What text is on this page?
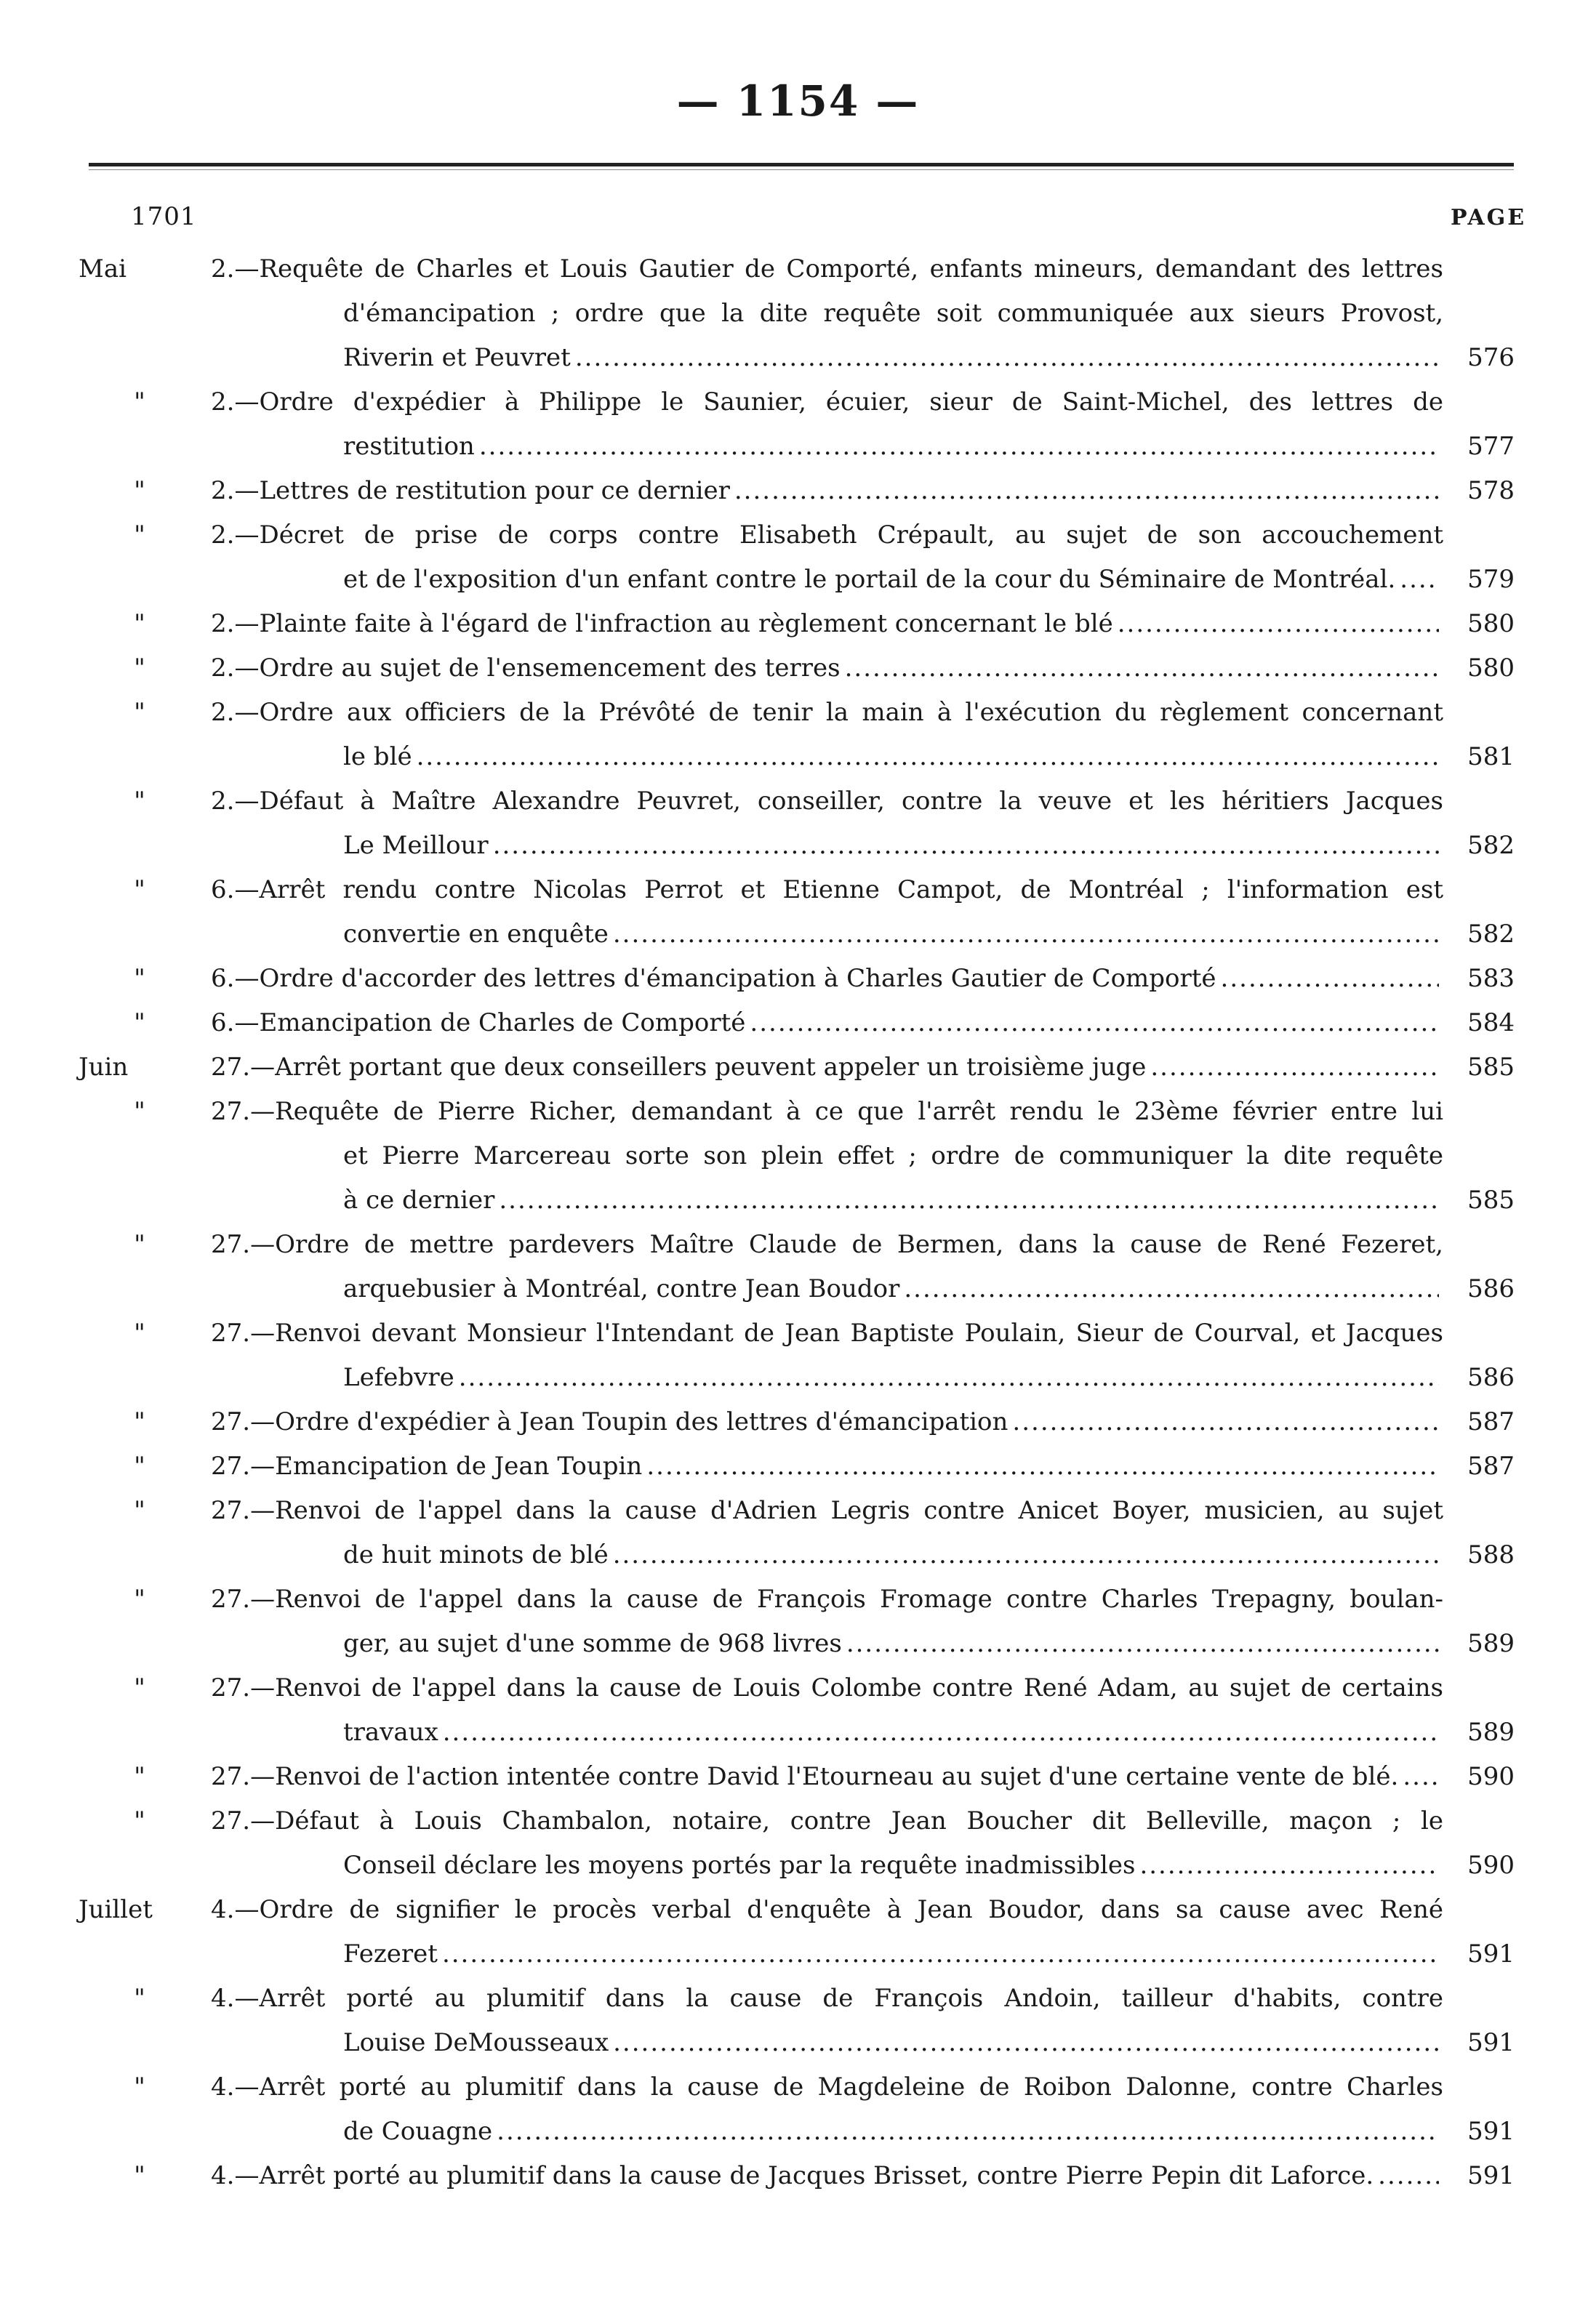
— 1154 —
1701	PAGE
Mai	2.—Requête de Charles et Louis Gautier de Comporté, enfants mineurs, demandant des lettres
d'émancipation ; ordre que la dite requête soit communiquée aux sieurs Provost,
Riverin et Peuvret .....	576
"	2.—Ordre d'expédier à Philippe le Saunier, écuier, sieur de Saint-Michel, des lettres de
restitution .....	577
"	2.—Lettres de restitution pour ce dernier .....	578
"	2.—Décret de prise de corps contre Elisabeth Crépault, au sujet de son accouchement
et de l'exposition d'un enfant contre le portail de la cour du Séminaire de Montréal. .....	579
"	2.—Plainte faite à l'égard de l'infraction au règlement concernant le blé .....	580
"	2.—Ordre au sujet de l'ensemencement des terres .....	580
"	2.—Ordre aux officiers de la Prévôté de tenir la main à l'exécution du règlement concernant
le blé .....	581
"	2.—Défaut à Maître Alexandre Peuvret, conseiller, contre la veuve et les héritiers Jacques
Le Meillour .....	582
"	6.—Arrêt rendu contre Nicolas Perrot et Etienne Campot, de Montréal ; l'information est
convertie en enquête .....	582
"	6.—Ordre d'accorder des lettres d'émancipation à Charles Gautier de Comporté .....	583
"	6.—Emancipation de Charles de Comporté .....	584
Juin	27.—Arrêt portant que deux conseillers peuvent appeler un troisième juge .....	585
"	27.—Requête de Pierre Richer, demandant à ce que l'arrêt rendu le 23ème février entre lui
et Pierre Marcereau sorte son plein effet ; ordre de communiquer la dite requête
à ce dernier .....	585
"	27.—Ordre de mettre pardevers Maître Claude de Bermen, dans la cause de René Fezeret,
arquebusier à Montréal, contre Jean Boudor .....	586
"	27.—Renvoi devant Monsieur l'Intendant de Jean Baptiste Poulain, Sieur de Courval, et Jacques
Lefebvre .....	586
"	27.—Ordre d'expédier à Jean Toupin des lettres d'émancipation .....	587
"	27.—Emancipation de Jean Toupin .....	587
"	27.—Renvoi de l'appel dans la cause d'Adrien Legris contre Anicet Boyer, musicien, au sujet
de huit minots de blé .....	588
"	27.—Renvoi de l'appel dans la cause de François Fromage contre Charles Trepagny, boulan-
ger, au sujet d'une somme de 968 livres .....	589
"	27.—Renvoi de l'appel dans la cause de Louis Colombe contre René Adam, au sujet de certains
travaux .....	589
"	27.—Renvoi de l'action intentée contre David l'Etourneau au sujet d'une certaine vente de blé. .....	590
"	27.—Défaut à Louis Chambalon, notaire, contre Jean Boucher dit Belleville, maçon ; le
Conseil déclare les moyens portés par la requête inadmissibles .....	590
Juillet	4.—Ordre de signifier le procès verbal d'enquête à Jean Boudor, dans sa cause avec René
Fezeret .....	591
"	4.—Arrêt porté au plumitif dans la cause de François Andoin, tailleur d'habits, contre
Louise DeMousseaux .....	591
"	4.—Arrêt porté au plumitif dans la cause de Magdeleine de Roibon Dalonne, contre Charles
de Couagne .....	591
"	4.—Arrêt porté au plumitif dans la cause de Jacques Brisset, contre Pierre Pepin dit Laforce. .....	591
